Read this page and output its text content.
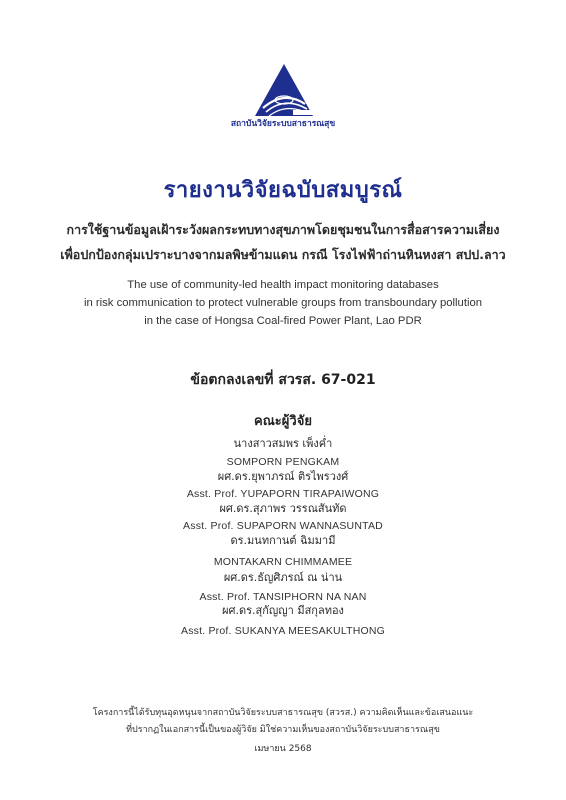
สถาบันวิจัยระบบสาธารณสุข
รายงานวิจัยฉบับสมบูรณ์
การใช้ฐานข้อมูลเฝ้าระวังผลกระทบทางสุขภาพโดยชุมชนในการสื่อสารความเสี่ยง
เพื่อปกป้องกลุ่มเปราะบางจากมลพิษข้ามแดน กรณี โรงไฟฟ้าถ่านหินหงสา สปป.ลาว
The use of community-led health impact monitoring databases
in risk communication to protect vulnerable groups from transboundary pollution
in the case of Hongsa Coal-fired Power Plant, Lao PDR
ข้อตกลงเลขที่ สวรส. 67-021
คณะผู้วิจัย
นางสาวสมพร เพ็งค่ำ
SOMPORN PENGKAM
ผศ.ดร.ยุพาภรณ์ ติรไพรวงศ์
Asst. Prof. YUPAPORN TIRAPAIWONG
ผศ.ดร.สุภาพร วรรณสันทัด
Asst. Prof. SUPAPORN WANNASUNTAD
ดร.มนทกานต์ ฉิมมามี
MONTAKARN CHIMMAMEE
ผศ.ดร.ธัญศิภรณ์ ณ น่าน
Asst. Prof. TANSIPHORN NA NAN
ผศ.ดร.สุกัญญา มีสกุลทอง
Asst. Prof. SUKANYA MEESAKULTHONG
โครงการนี้ได้รับทุนอุดหนุนจากสถาบันวิจัยระบบสาธารณสุข (สวรส.) ความคิดเห็นและข้อเสนอแนะ
ที่ปรากฏในเอกสารนี้เป็นของผู้วิจัย มิใช่ความเห็นของสถาบันวิจัยระบบสาธารณสุข
เมษายน 2568
